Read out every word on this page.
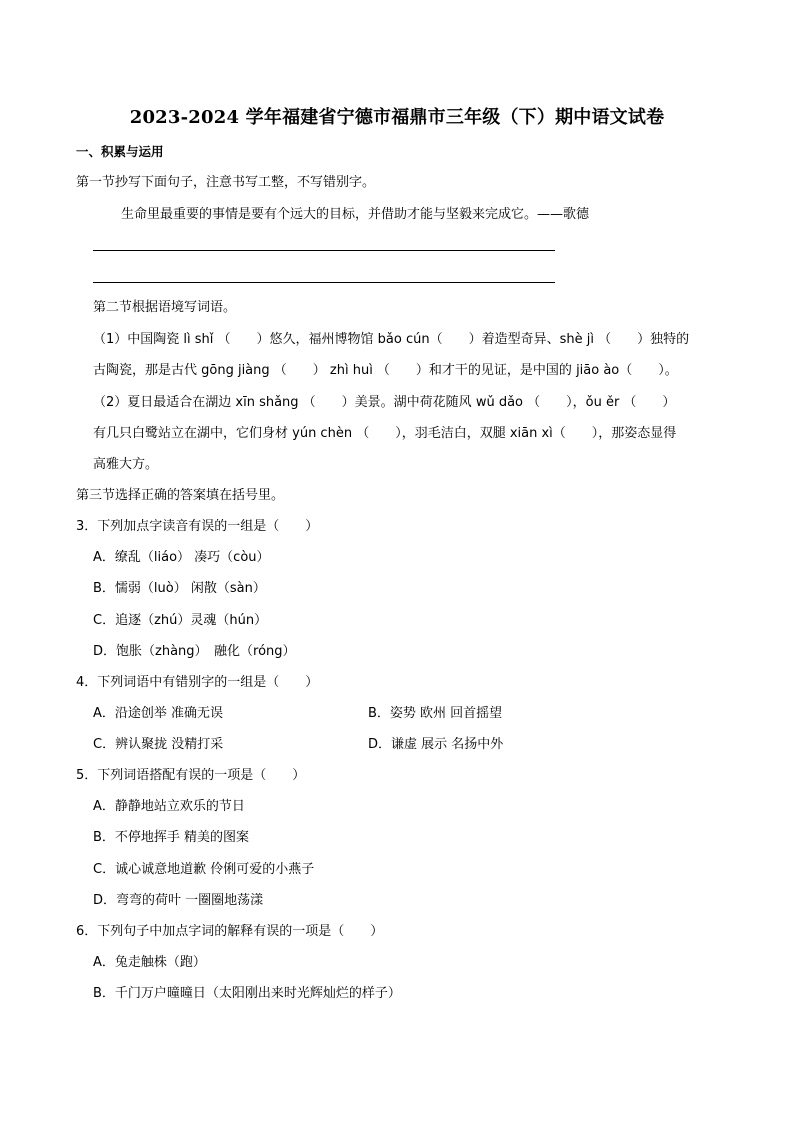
2023-2024 学年福建省宁德市福鼎市三年级（下）期中语文试卷
一、积累与运用
第一节抄写下面句子，注意书写工整，不写错别字。
生命里最重要的事情是要有个远大的目标，并借助才能与坚毅来完成它。——歌德
第二节根据语境写词语。
（1）中国陶瓷 lì shǐ （　　）悠久，福州博物馆 bǎo cún（　　）着造型奇异、shè jì （　　）独特的
古陶瓷，那是古代 gōng jiàng （　　） zhì huì （　　）和才干的见证，是中国的 jiāo ào（　　）。
（2）夏日最适合在湖边 xīn shǎng （　　）美景。湖中荷花随风 wǔ dǎo （　　），ǒu ěr （　　）
有几只白鹭站立在湖中，它们身材 yún chèn （　　），羽毛洁白，双腿 xiān xì（　　），那姿态显得
高雅大方。
第三节选择正确的答案填在括号里。
3．下列加点字读音有误的一组是（　　）
A．缭乱（liáo） 凑巧（còu）
B．懦弱（luò） 闲散（sàn）
C．追逐（zhú）灵魂（hún）
D．饱胀（zhàng）　融化（róng）
4．下列词语中有错别字的一组是（　　）
A．沿途创举 准确无误	B．姿势 欧州 回首摇望
C．辨认聚拢 没精打采	D．谦虚 展示 名扬中外
5．下列词语搭配有误的一项是（　　）
A．静静地站立欢乐的节日
B．不停地挥手 精美的图案
C．诚心诚意地道歉 伶俐可爱的小燕子
D．弯弯的荷叶 一圈圈地荡漾
6．下列句子中加点字词的解释有误的一项是（　　）
A．兔走触株（跑）
B．千门万户曈曈日（太阳刚出来时光辉灿烂的样子）
